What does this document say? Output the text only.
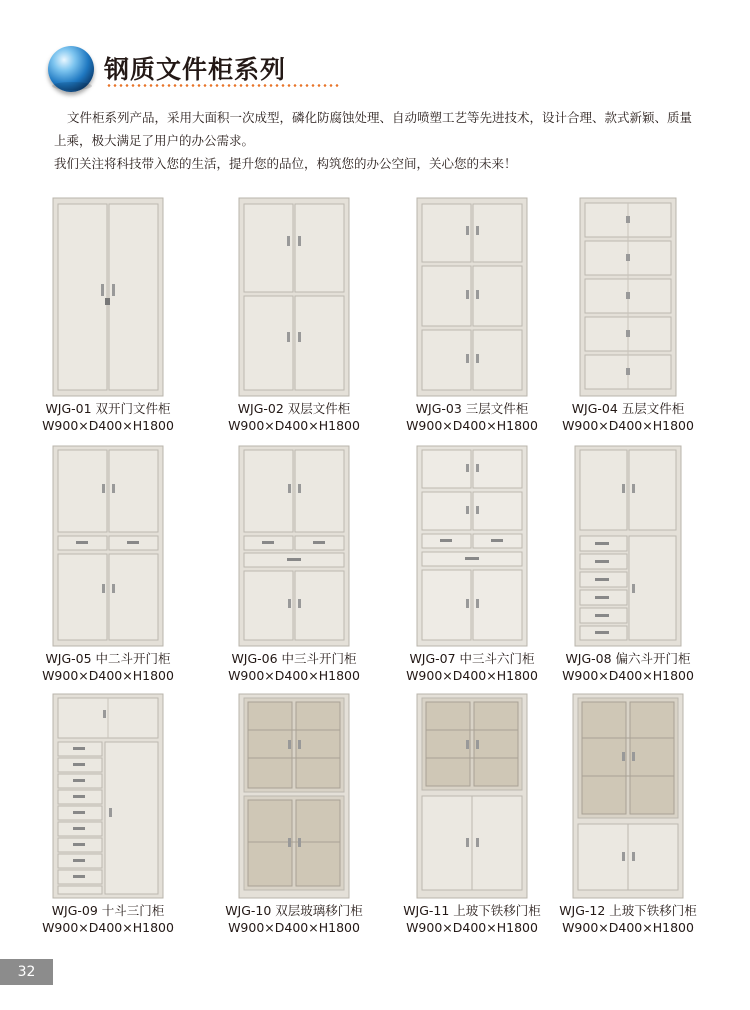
钢质文件柜系列

文件柜系列产品，采用大面积一次成型，磷化防腐蚀处理、自动喷塑工艺等先进技术，设计合理、款式新颖、质量

上乘，极大满足了用户的办公需求。

我们关注将科技带入您的生活，提升您的品位，构筑您的办公空间，关心您的未来！

WJG-01 双开门文件柜
W900×D400×H1800
WJG-02 双层文件柜
W900×D400×H1800
WJG-03 三层文件柜
W900×D400×H1800
WJG-04 五层文件柜
W900×D400×H1800
WJG-05 中二斗开门柜
W900×D400×H1800
WJG-06 中三斗开门柜
W900×D400×H1800
WJG-07 中三斗六门柜
W900×D400×H1800
WJG-08 偏六斗开门柜
W900×D400×H1800
WJG-09 十斗三门柜
W900×D400×H1800
WJG-10 双层玻璃移门柜
W900×D400×H1800
WJG-11 上玻下铁移门柜
W900×D400×H1800
WJG-12 上玻下铁移门柜
W900×D400×H1800
32
